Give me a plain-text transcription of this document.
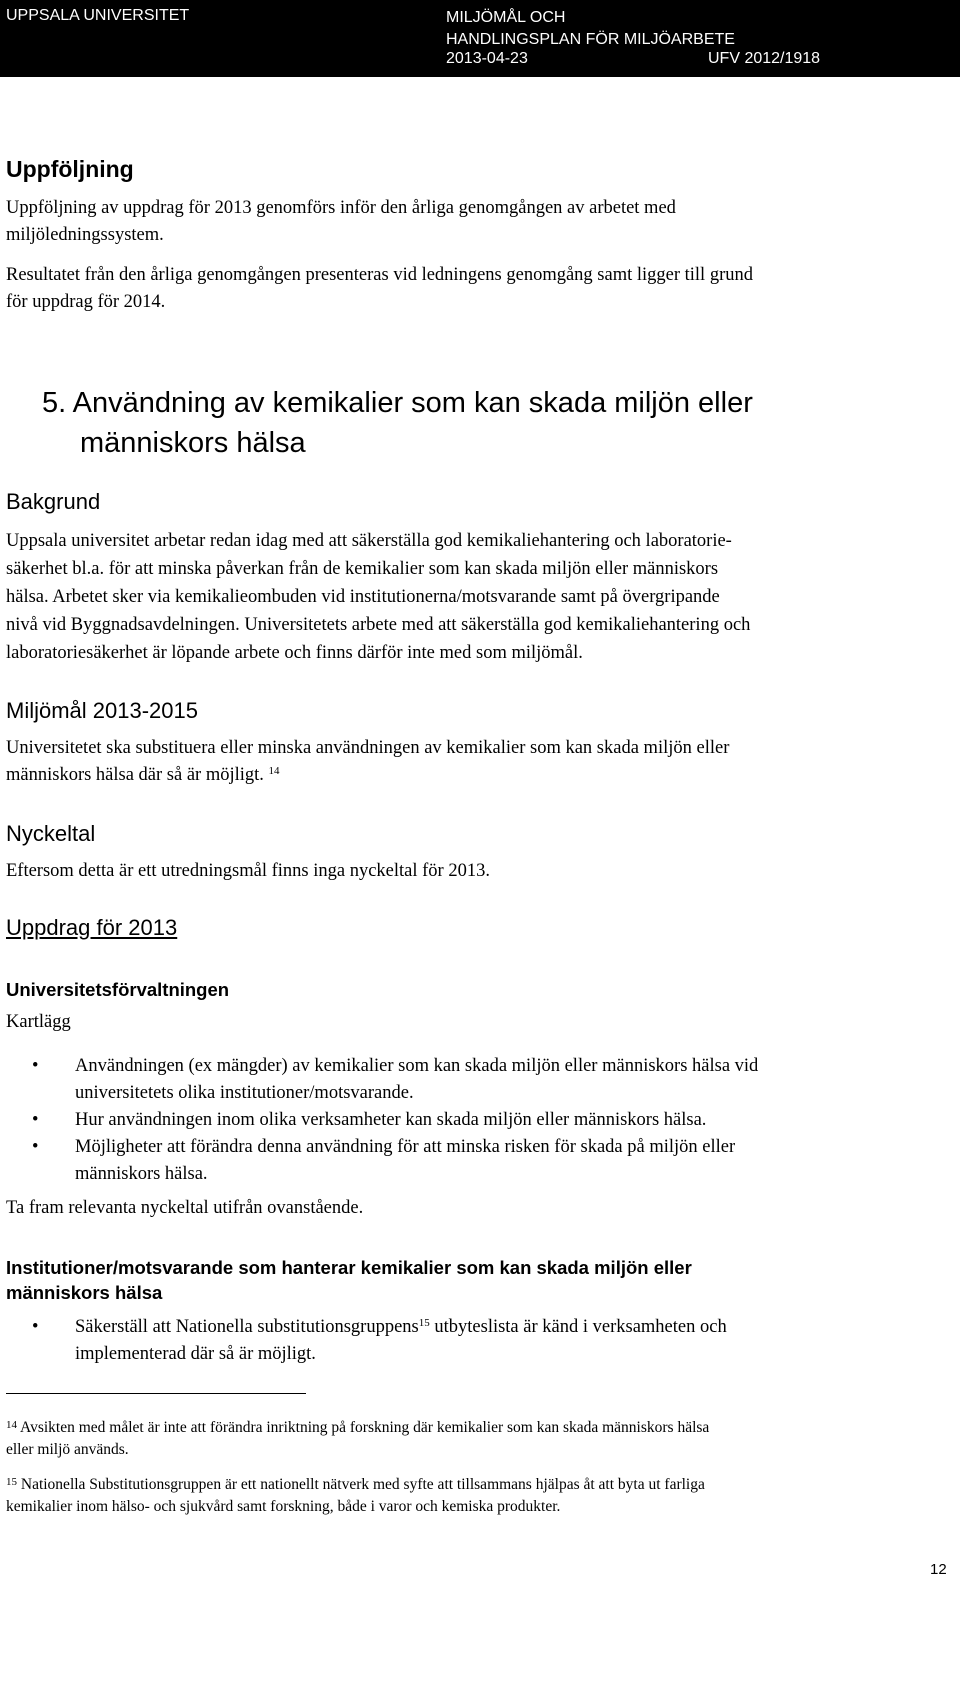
UPPSALA UNIVERSITET	MILJÖMÅL OCH
HANDLINGSPLAN FÖR MILJÖARBETE
2013-04-23	UFV 2012/1918
Uppföljning
Uppföljning av uppdrag för 2013 genomförs inför den årliga genomgången av arbetet med
miljöledningssystem.
Resultatet från den årliga genomgången presenteras vid ledningens genomgång samt ligger till grund
för uppdrag för 2014.
5. Användning av kemikalier som kan skada miljön eller
människors hälsa
Bakgrund
Uppsala universitet arbetar redan idag med att säkerställa god kemikaliehantering och laboratorie-
säkerhet bl.a. för att minska påverkan från de kemikalier som kan skada miljön eller människors
hälsa. Arbetet sker via kemikalieombuden vid institutionerna/motsvarande samt på övergripande
nivå vid Byggnadsavdelningen. Universitetets arbete med att säkerställa god kemikaliehantering och
laboratoriesäkerhet är löpande arbete och finns därför inte med som miljömål.
Miljömål 2013-2015
Universitetet ska substituera eller minska användningen av kemikalier som kan skada miljön eller
människors hälsa där så är möjligt. $^{14}$
Nyckeltal
Eftersom detta är ett utredningsmål finns inga nyckeltal för 2013.
Uppdrag för 2013
Universitetsförvaltningen
Kartlägg
• Användningen (ex mängder) av kemikalier som kan skada miljön eller människors hälsa vid
universitetets olika institutioner/motsvarande.
• Hur användningen inom olika verksamheter kan skada miljön eller människors hälsa.
• Möjligheter att förändra denna användning för att minska risken för skada på miljön eller
människors hälsa.
Ta fram relevanta nyckeltal utifrån ovanstående.
Institutioner/motsvarande som hanterar kemikalier som kan skada miljön eller
människors hälsa
• Säkerställ att Nationella substitutionsgruppens$^{15}$ utbyteslista är känd i verksamheten och
implementerad där så är möjligt.
$^{14}$ Avsikten med målet är inte att förändra inriktning på forskning där kemikalier som kan skada människors hälsa
eller miljö används.
$^{15}$ Nationella Substitutionsgruppen är ett nationellt nätverk med syfte att tillsammans hjälpas åt att byta ut farliga
kemikalier inom hälso- och sjukvård samt forskning, både i varor och kemiska produkter.
12
